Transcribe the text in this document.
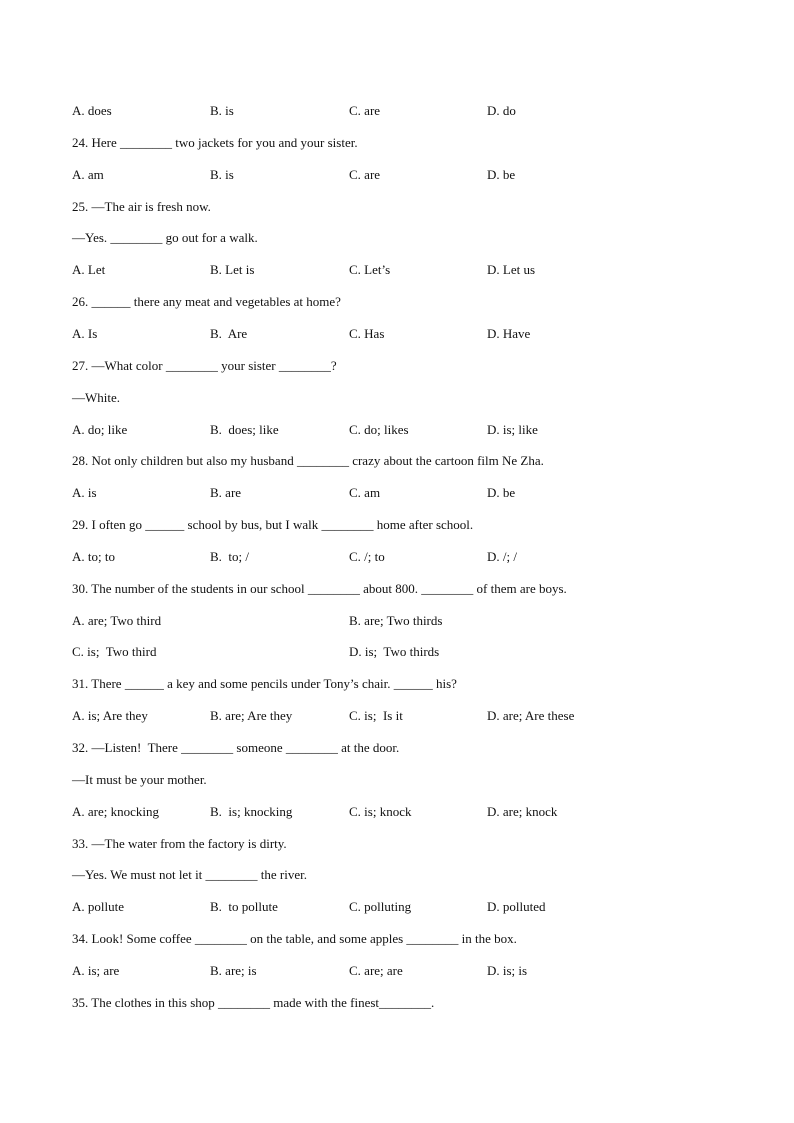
A. does	B. is	C. are	D. do
24. Here ________ two jackets for you and your sister.
A. am	B. is	C. are	D. be
25. —The air is fresh now.
—Yes. ________ go out for a walk.
A. Let	B. Let is	C. Let’s	D. Let us
26. ______ there any meat and vegetables at home?
A. Is	B.  Are	C. Has	D. Have
27. —What color ________ your sister ________?
—White.
A. do; like	B.  does; like	C. do; likes	D. is; like
28. Not only children but also my husband ________ crazy about the cartoon film Ne Zha.
A. is	B. are	C. am	D. be
29. I often go ______ school by bus, but I walk ________ home after school.
A. to; to	B.  to; /	C. /; to	D. /; /
30. The number of the students in our school ________ about 800. ________ of them are boys.
A. are; Two third	B. are; Two thirds
C. is;  Two third	D. is;  Two thirds
31. There ______ a key and some pencils under Tony’s chair. ______ his?
A. is; Are they	B. are; Are they	C. is;  Is it	D. are; Are these
32. —Listen!  There ________ someone ________ at the door.
—It must be your mother.
A. are; knocking	B.  is; knocking	C. is; knock	D. are; knock
33. —The water from the factory is dirty.
—Yes. We must not let it ________ the river.
A. pollute	B.  to pollute	C. polluting	D. polluted
34. Look! Some coffee ________ on the table, and some apples ________ in the box.
A. is; are	B. are; is	C. are; are	D. is; is
35. The clothes in this shop ________ made with the finest________.
